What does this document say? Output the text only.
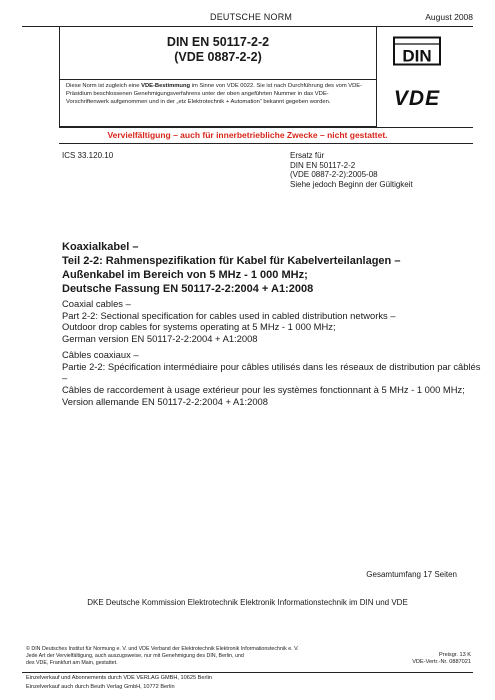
DEUTSCHE NORM	August 2008
DIN EN 50117-2-2
(VDE 0887-2-2)
Diese Norm ist zugleich eine VDE-Bestimmung im Sinne von VDE 0022. Sie ist nach Durchführung des vom VDE-Präsidium beschlossenen Genehmigungsverfahrens unter der oben angeführten Nummer in das VDE-Vorschriftenwerk aufgenommen und in der „etz Elektrotechnik + Automation“ bekannt gegeben worden.
DIN
VDE
Vervielfältigung – auch für innerbetriebliche Zwecke – nicht gestattet.
ICS 33.120.10	Ersatz für
DIN EN 50117-2-2
(VDE 0887-2-2):2005-08
Siehe jedoch Beginn der Gültigkeit
Koaxialkabel –
Teil 2-2: Rahmenspezifikation für Kabel für Kabelverteilanlagen –
Außenkabel im Bereich von 5 MHz - 1 000 MHz;
Deutsche Fassung EN 50117-2-2:2004 + A1:2008
Coaxial cables –
Part 2-2: Sectional specification for cables used in cabled distribution networks –
Outdoor drop cables for systems operating at 5 MHz - 1 000 MHz;
German version EN 50117-2-2:2004 + A1:2008
Câbles coaxiaux –
Partie 2-2: Spécification intermédiaire pour câbles utilisés dans les réseaux de distribution par câblés –
Câbles de raccordement à usage extérieur pour les systèmes fonctionnant à 5 MHz - 1 000 MHz;
Version allemande EN 50117-2-2:2004 + A1:2008
Gesamtumfang 17 Seiten
DKE Deutsche Kommission Elektrotechnik Elektronik Informationstechnik im DIN und VDE
© DIN Deutsches Institut für Normung e. V. und VDE Verband der Elektrotechnik Elektronik Informationstechnik e. V.
Jede Art der Vervielfältigung, auch auszugsweise, nur mit Genehmigung des DIN, Berlin, und
des VDE, Frankfurt am Main, gestattet.
Preisgr. 13 K
VDE-Vertr.-Nr. 0887021
Einzelverkauf und Abonnements durch VDE VERLAG GMBH, 10625 Berlin
Einzelverkauf auch durch Beuth Verlag GmbH, 10772 Berlin
